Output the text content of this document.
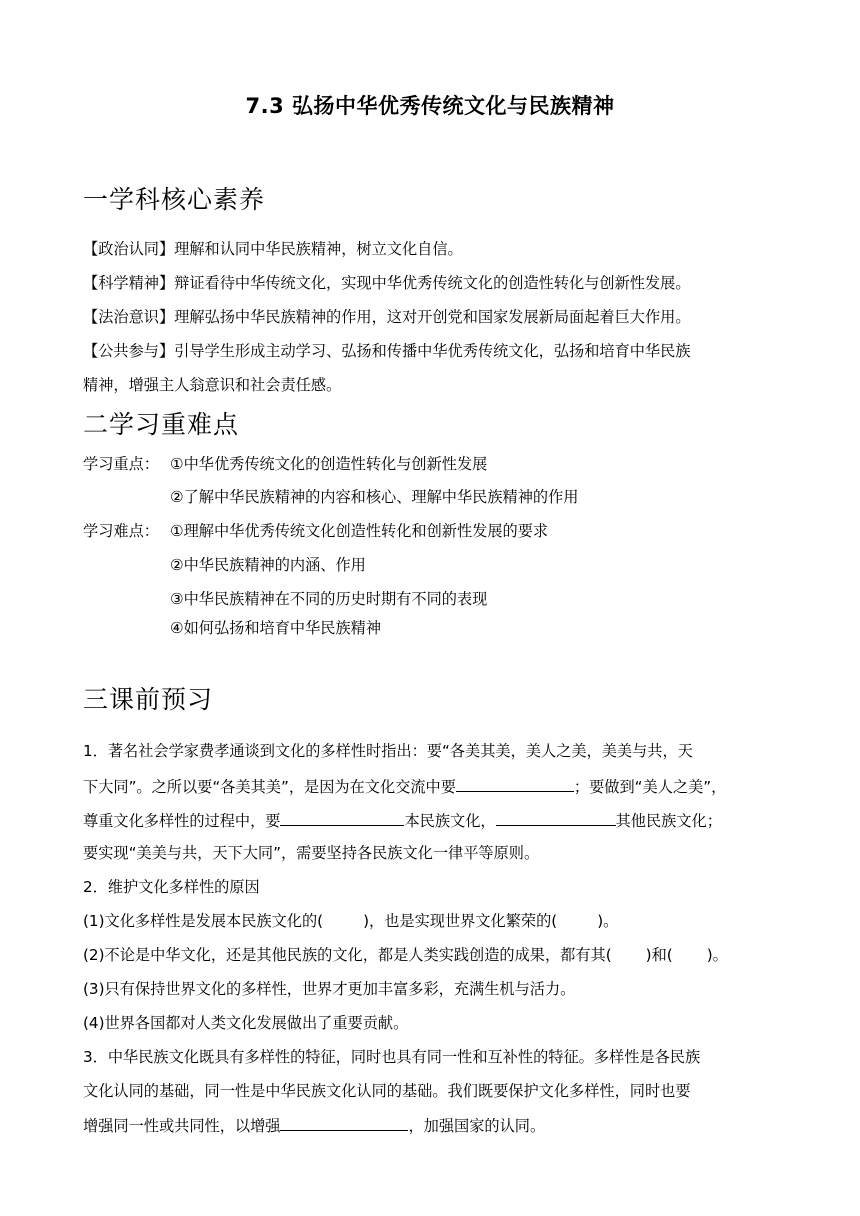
7.3 弘扬中华优秀传统文化与民族精神
一学科核心素养
【政治认同】理解和认同中华民族精神，树立文化自信。
【科学精神】辩证看待中华传统文化，实现中华优秀传统文化的创造性转化与创新性发展。
【法治意识】理解弘扬中华民族精神的作用，这对开创党和国家发展新局面起着巨大作用。
【公共参与】引导学生形成主动学习、弘扬和传播中华优秀传统文化，弘扬和培育中华民族
精神，增强主人翁意识和社会责任感。
二学习重难点
学习重点： ①中华优秀传统文化的创造性转化与创新性发展
②了解中华民族精神的内容和核心、理解中华民族精神的作用
学习难点： ①理解中华优秀传统文化创造性转化和创新性发展的要求
②中华民族精神的内涵、作用
③中华民族精神在不同的历史时期有不同的表现
④如何弘扬和培育中华民族精神
三课前预习
1．著名社会学家费孝通谈到文化的多样性时指出：要“各美其美，美人之美，美美与共，天
下大同”。之所以要“各美其美”，是因为在文化交流中要	；要做到“美人之美”，
尊重文化多样性的过程中，要	本民族文化，	其他民族文化；
要实现“美美与共，天下大同”，需要坚持各民族文化一律平等原则。
2．维护文化多样性的原因
(1)文化多样性是发展本民族文化的(	)，也是实现世界文化繁荣的(	)。
(2)不论是中华文化，还是其他民族的文化，都是人类实践创造的成果，都有其( )和( )。
(3)只有保持世界文化的多样性，世界才更加丰富多彩，充满生机与活力。
(4)世界各国都对人类文化发展做出了重要贡献。
3．中华民族文化既具有多样性的特征，同时也具有同一性和互补性的特征。多样性是各民族
文化认同的基础，同一性是中华民族文化认同的基础。我们既要保护文化多样性，同时也要
增强同一性或共同性，以增强	，加强国家的认同。
